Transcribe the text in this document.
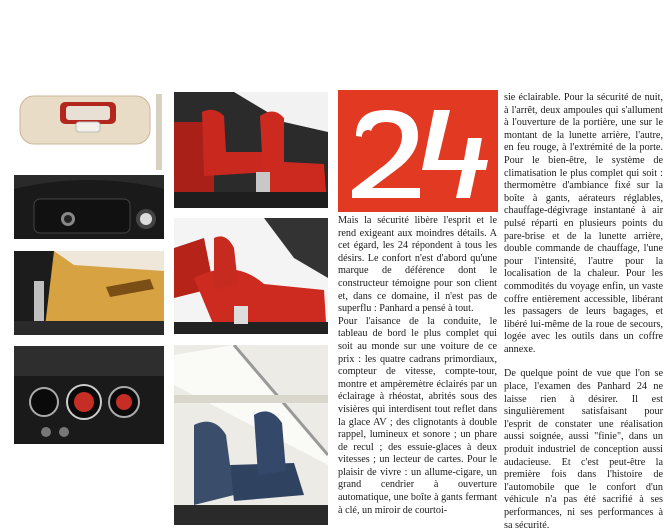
Mais la sécurité libère l'esprit et le rend exigeant aux moindres détails. A cet égard, les 24 répondent à tous les désirs. Le confort n'est d'abord qu'une marque de déférence dont le constructeur témoigne pour son client et, dans ce domaine, il n'est pas de superflu : Panhard a pensé à tout.

Pour l'aisance de la conduite, le tableau de bord le plus complet qui soit au monde sur une voiture de ce prix : les quatre cadrans primordiaux, compteur de vitesse, compte-tour, montre et ampèremètre éclairés par un éclairage à rhéostat, abrités sous des visières qui interdisent tout reflet dans la glace AV ; des clignotants à double rappel, lumineux et sonore ; un phare de recul ; des essuie-glaces à deux vitesses ; un lecteur de cartes. Pour le plaisir de vivre : un allume-cigare, un grand cendrier à ouverture automatique, une boîte à gants fermant à clé, un miroir de courtoi-

sie éclairable. Pour la sécurité de nuit, à l'arrêt, deux ampoules qui s'allument à l'ouverture de la portière, une sur le montant de la lunette arrière, l'autre, en feu rouge, à l'extrémité de la porte. Pour le bien-être, le système de climatisation le plus complet qui soit : thermomètre d'ambiance fixé sur la boîte à gants, aérateurs réglables, chauffage-dégivrage instantané à air pulsé réparti en plusieurs points du pare-brise et de la lunette arrière, double commande de chauffage, l'une pour l'intensité, l'autre pour la localisation de la chaleur. Pour les commodités du voyage enfin, un vaste coffre entièrement accessible, libérant les passagers de leurs bagages, et libéré lui-même de la roue de secours, logée avec les outils dans un coffre annexe.

De quelque point de vue que l'on se place, l'examen des Panhard 24 ne laisse rien à désirer. Il est singulièrement satisfaisant pour l'esprit de constater une réalisation aussi soignée, aussi "finie", dans un produit industriel de conception aussi audacieuse. Et c'est peut-être la première fois dans l'histoire de l'automobile que le confort d'un véhicule n'a pas été sacrifié à ses performances, ni ses performances à sa sécurité.
